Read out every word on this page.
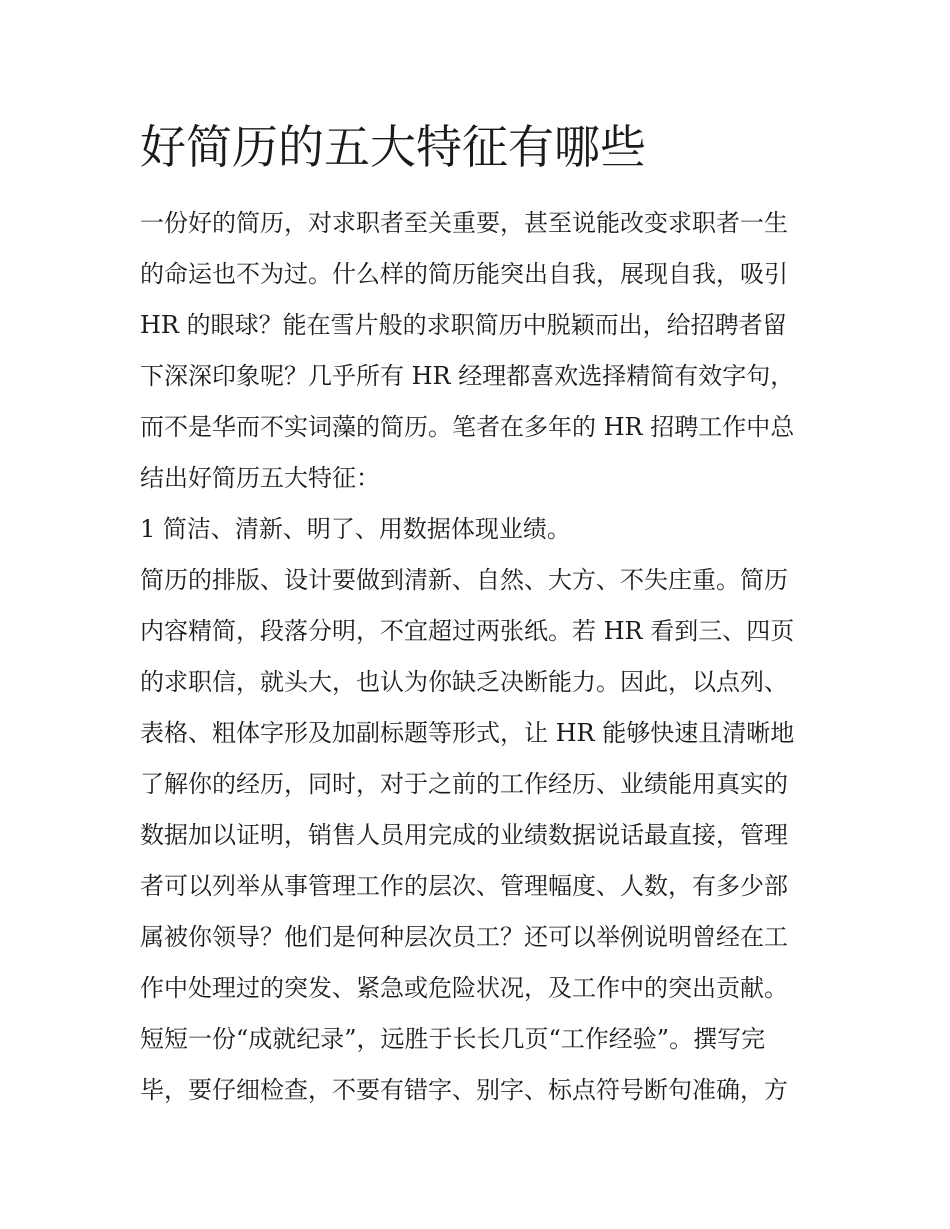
好简历的五大特征有哪些
一份好的简历，对求职者至关重要，甚至说能改变求职者一生
的命运也不为过。什么样的简历能突出自我，展现自我，吸引
HR 的眼球？能在雪片般的求职简历中脱颖而出，给招聘者留
下深深印象呢？几乎所有 HR 经理都喜欢选择精简有效字句，
而不是华而不实词藻的简历。笔者在多年的 HR 招聘工作中总
结出好简历五大特征：
1 简洁、清新、明了、用数据体现业绩。
简历的排版、设计要做到清新、自然、大方、不失庄重。简历
内容精简，段落分明，不宜超过两张纸。若 HR 看到三、四页
的求职信，就头大，也认为你缺乏决断能力。因此，以点列、
表格、粗体字形及加副标题等形式，让 HR 能够快速且清晰地
了解你的经历，同时，对于之前的工作经历、业绩能用真实的
数据加以证明，销售人员用完成的业绩数据说话最直接，管理
者可以列举从事管理工作的层次、管理幅度、人数，有多少部
属被你领导？他们是何种层次员工？还可以举例说明曾经在工
作中处理过的突发、紧急或危险状况，及工作中的突出贡献。
短短一份“成就纪录”，远胜于长长几页“工作经验”。撰写完
毕，要仔细检查，不要有错字、别字、标点符号断句准确，方
